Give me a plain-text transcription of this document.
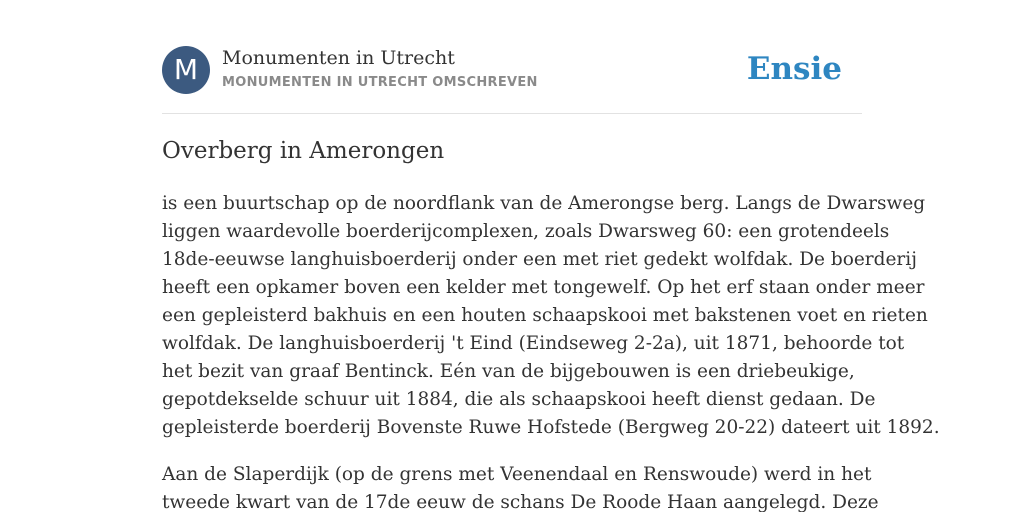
M	Monumenten in Utrecht
MONUMENTEN IN UTRECHT OMSCHREVEN	Ensie
Overberg in Amerongen

is een buurtschap op de noordflank van de Amerongse berg. Langs de Dwarsweg
liggen waardevolle boerderijcomplexen, zoals Dwarsweg 60: een grotendeels
18de-eeuwse langhuisboerderij onder een met riet gedekt wolfdak. De boerderij
heeft een opkamer boven een kelder met tongewelf. Op het erf staan onder meer
een gepleisterd bakhuis en een houten schaapskooi met bakstenen voet en rieten
wolfdak. De langhuisboerderij 't Eind (Eindseweg 2-2a), uit 1871, behoorde tot
het bezit van graaf Bentinck. Eén van de bijgebouwen is een driebeukige,
gepotdekselde schuur uit 1884, die als schaapskooi heeft dienst gedaan. De
gepleisterde boerderij Bovenste Ruwe Hofstede (Bergweg 20-22) dateert uit 1892.

Aan de Slaperdijk (op de grens met Veenendaal en Renswoude) werd in het
tweede kwart van de 17de eeuw de schans De Roode Haan aangelegd. Deze
